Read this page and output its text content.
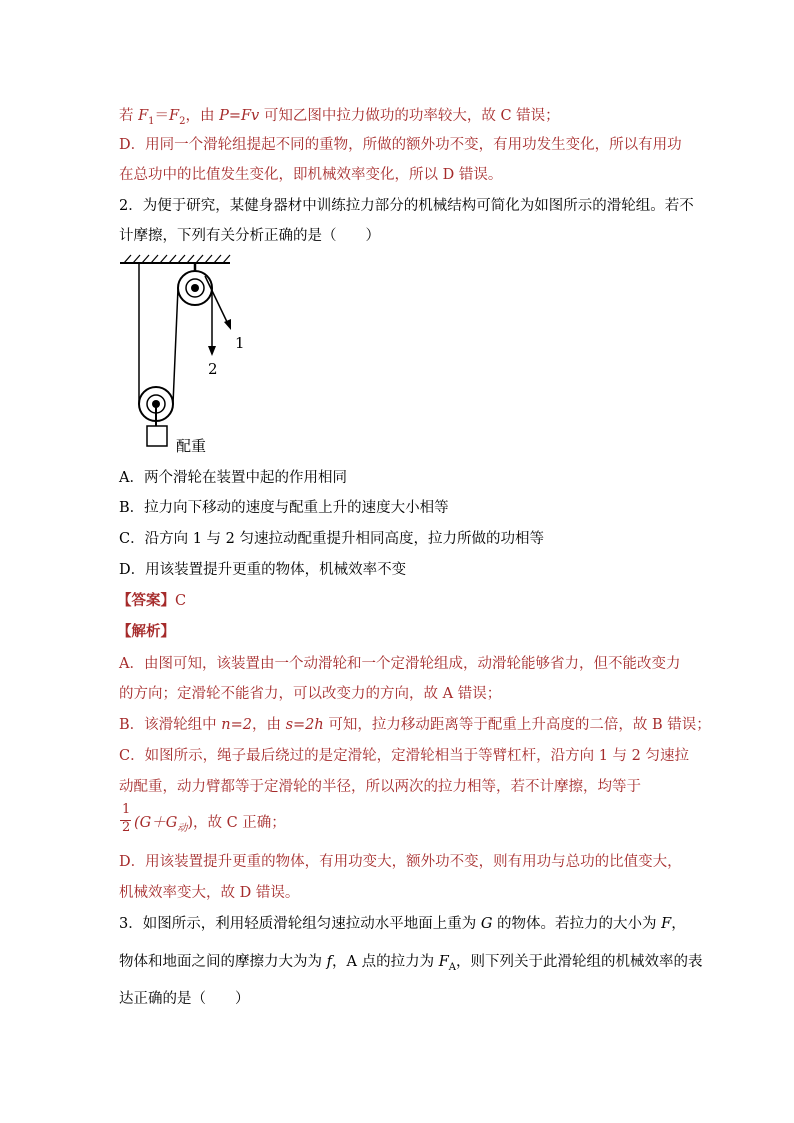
若 $F_1=F_2$，由 P=Fv 可知乙图中拉力做功的功率较大，故 C 错误；
D．用同一个滑轮组提起不同的重物，所做的额外功不变，有用功发生变化，所以有用功
在总功中的比值发生变化，即机械效率变化，所以 D 错误。
2．为便于研究，某健身器材中训练拉力部分的机械结构可简化为如图所示的滑轮组。若不
计摩擦，下列有关分析正确的是（　　）
1
2
配重
A．两个滑轮在装置中起的作用相同
B．拉力向下移动的速度与配重上升的速度大小相等
C．沿方向 1 与 2 匀速拉动配重提升相同高度，拉力所做的功相等
D．用该装置提升更重的物体，机械效率不变
【答案】C
【解析】
A．由图可知，该装置由一个动滑轮和一个定滑轮组成，动滑轮能够省力，但不能改变力
的方向；定滑轮不能省力，可以改变力的方向，故 A 错误；
B．该滑轮组中 n=2，由 s=2h 可知，拉力移动距离等于配重上升高度的二倍，故 B 错误；
C．如图所示，绳子最后绕过的是定滑轮，定滑轮相当于等臂杠杆，沿方向 1 与 2 匀速拉
动配重，动力臂都等于定滑轮的半径，所以两次的拉力相等，若不计摩擦，均等于
1
2 $(G+G_动)$，故 C 正确；
D．用该装置提升更重的物体，有用功变大，额外功不变，则有用功与总功的比值变大，
机械效率变大，故 D 错误。
3．如图所示，利用轻质滑轮组匀速拉动水平地面上重为 G 的物体。若拉力的大小为 F，
物体和地面之间的摩擦力大为为 f，A 点的拉力为 $F_A$，则下列关于此滑轮组的机械效率的表
达正确的是（　　）
